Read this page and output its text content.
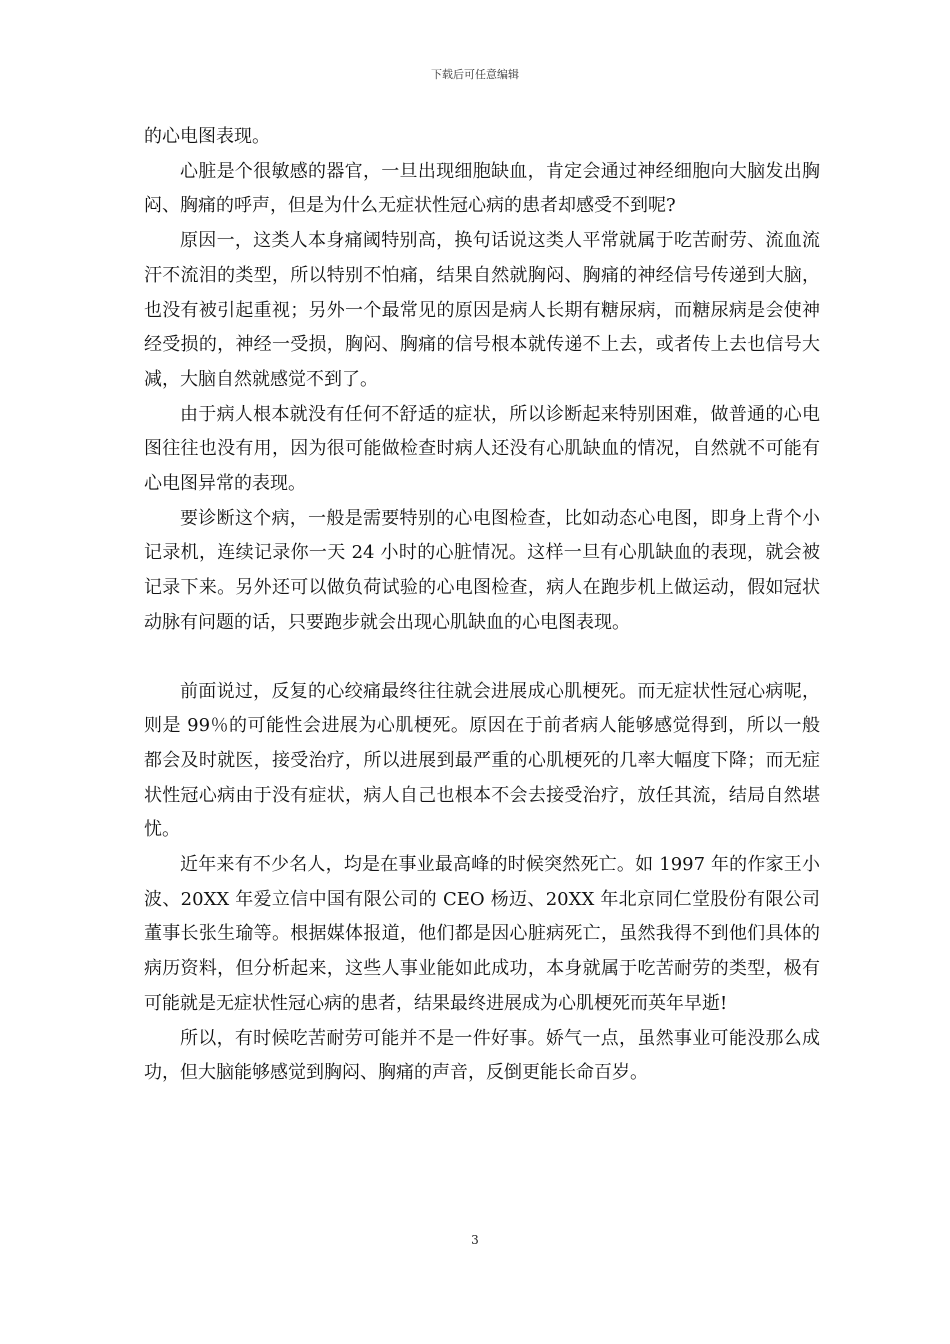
下载后可任意编辑

的心电图表现。

心脏是个很敏感的器官，一旦出现细胞缺血，肯定会通过神经细胞向大脑发出胸闷、胸痛的呼声，但是为什么无症状性冠心病的患者却感受不到呢?

原因一，这类人本身痛阈特别高，换句话说这类人平常就属于吃苦耐劳、流血流汗不流泪的类型，所以特别不怕痛，结果自然就胸闷、胸痛的神经信号传递到大脑，也没有被引起重视；另外一个最常见的原因是病人长期有糖尿病，而糖尿病是会使神经受损的，神经一受损，胸闷、胸痛的信号根本就传递不上去，或者传上去也信号大减，大脑自然就感觉不到了。

由于病人根本就没有任何不舒适的症状，所以诊断起来特别困难，做普通的心电图往往也没有用，因为很可能做检查时病人还没有心肌缺血的情况，自然就不可能有心电图异常的表现。

要诊断这个病，一般是需要特别的心电图检查，比如动态心电图，即身上背个小记录机，连续记录你一天 24 小时的心脏情况。这样一旦有心肌缺血的表现，就会被记录下来。另外还可以做负荷试验的心电图检查，病人在跑步机上做运动，假如冠状动脉有问题的话，只要跑步就会出现心肌缺血的心电图表现。

前面说过，反复的心绞痛最终往往就会进展成心肌梗死。而无症状性冠心病呢，则是 99％的可能性会进展为心肌梗死。原因在于前者病人能够感觉得到，所以一般都会及时就医，接受治疗，所以进展到最严重的心肌梗死的几率大幅度下降；而无症状性冠心病由于没有症状，病人自己也根本不会去接受治疗，放任其流，结局自然堪忧。

近年来有不少名人，均是在事业最高峰的时候突然死亡。如 1997 年的作家王小波、20XX 年爱立信中国有限公司的 CEO 杨迈、20XX 年北京同仁堂股份有限公司董事长张生瑜等。根据媒体报道，他们都是因心脏病死亡，虽然我得不到他们具体的病历资料，但分析起来，这些人事业能如此成功，本身就属于吃苦耐劳的类型，极有可能就是无症状性冠心病的患者，结果最终进展成为心肌梗死而英年早逝!

所以，有时候吃苦耐劳可能并不是一件好事。娇气一点，虽然事业可能没那么成功，但大脑能够感觉到胸闷、胸痛的声音，反倒更能长命百岁。

3
